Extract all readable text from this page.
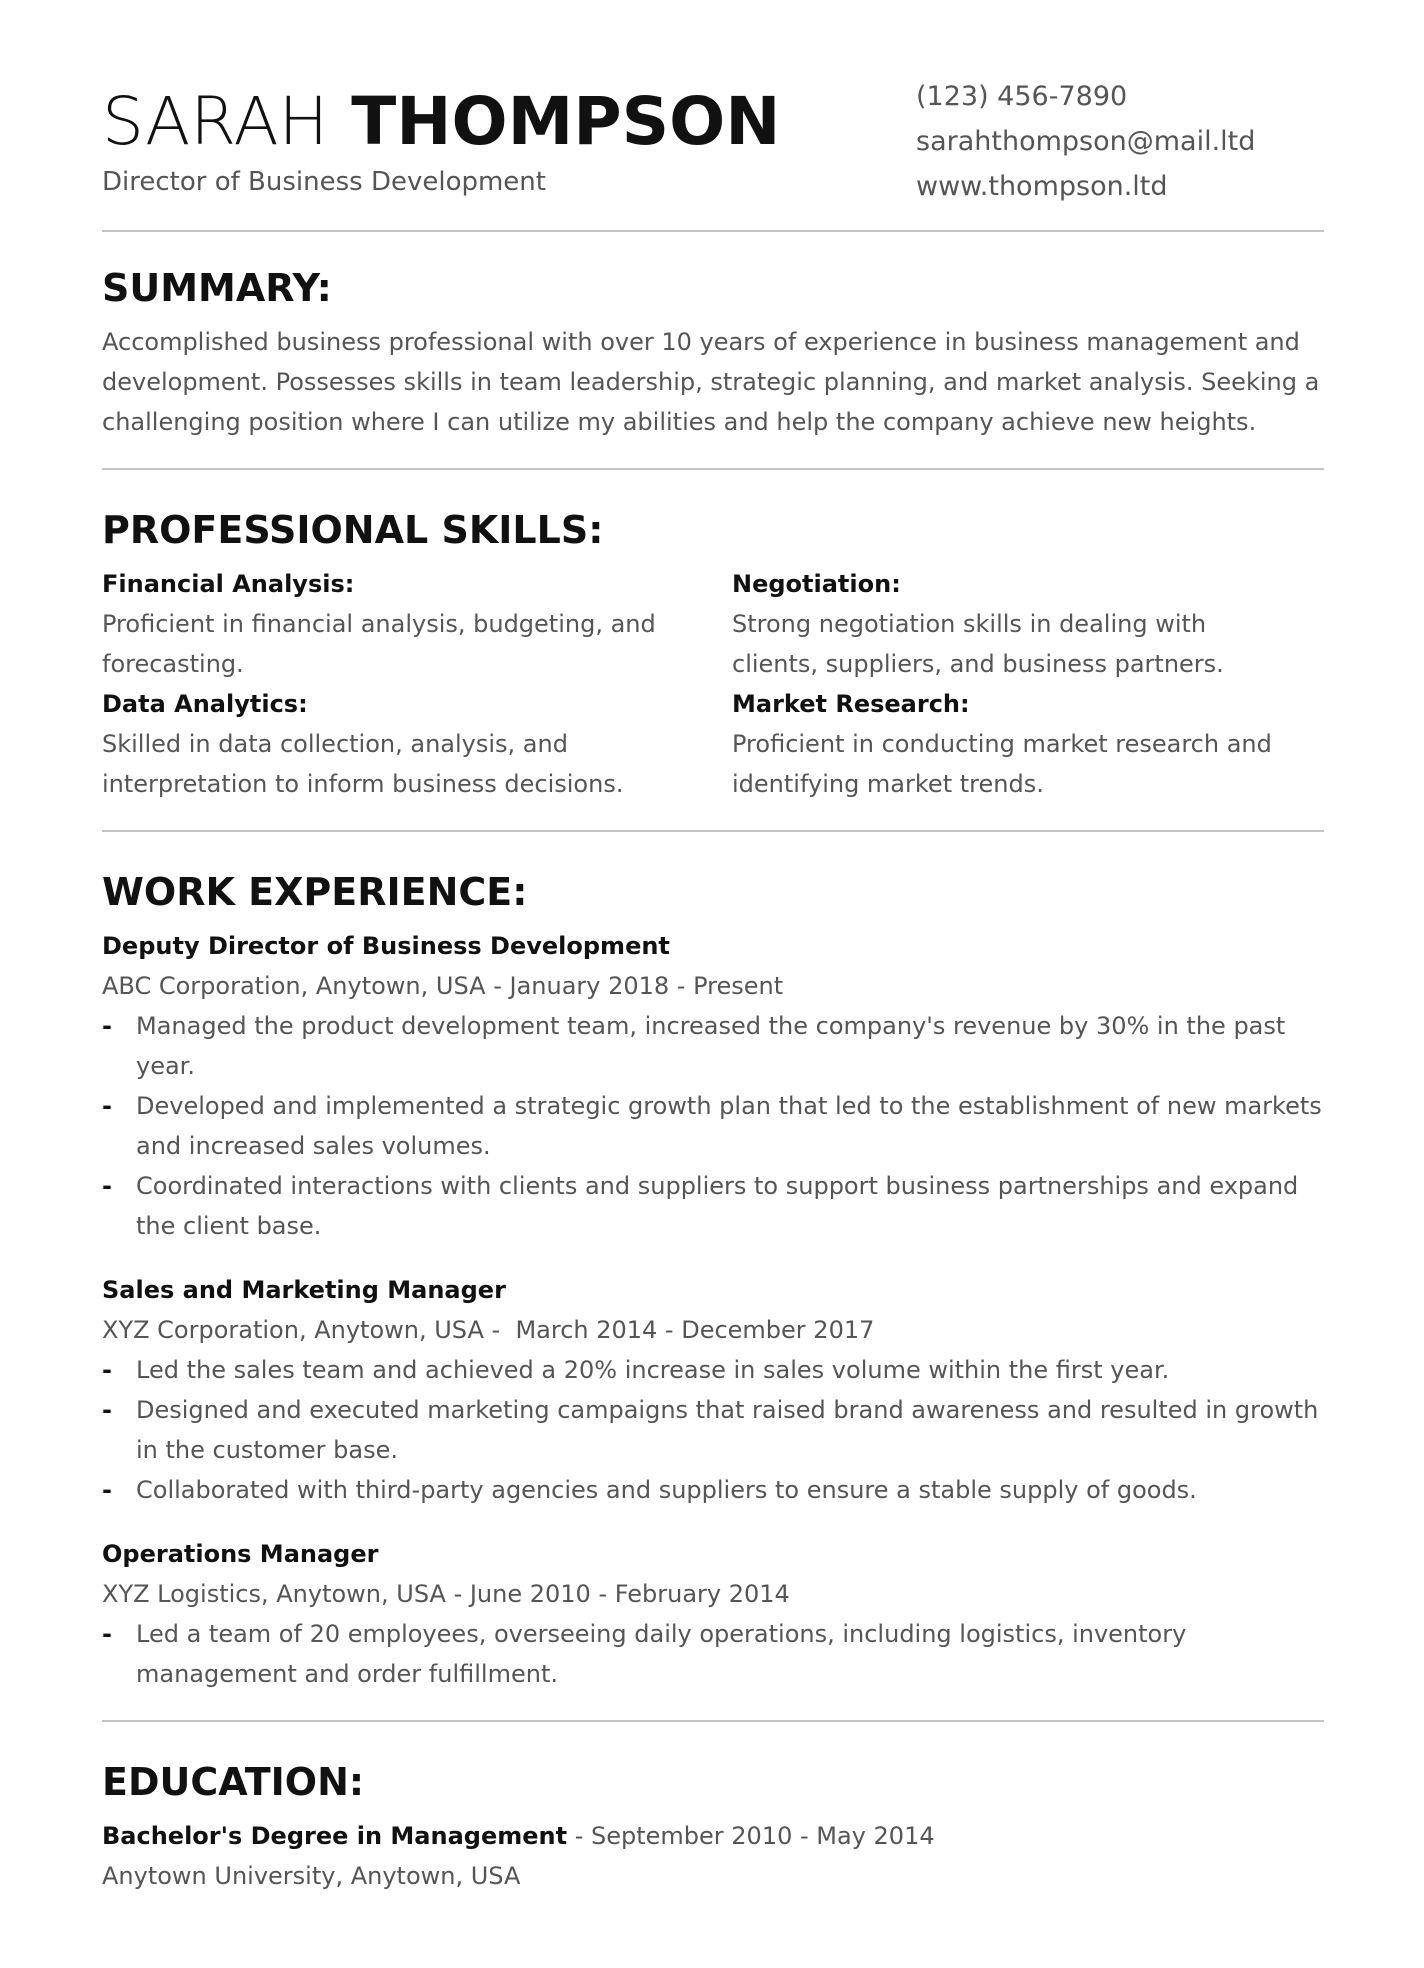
SARAH THOMPSON
Director of Business Development
(123) 456-7890
sarahthompson@mail.ltd
www.thompson.ltd
SUMMARY:
Accomplished business professional with over 10 years of experience in business management and development. Possesses skills in team leadership, strategic planning, and market analysis. Seeking a challenging position where I can utilize my abilities and help the company achieve new heights.
PROFESSIONAL SKILLS:
Financial Analysis:
Proficient in financial analysis, budgeting, and forecasting.
Negotiation:
Strong negotiation skills in dealing with clients, suppliers, and business partners.
Data Analytics:
Skilled in data collection, analysis, and interpretation to inform business decisions.
Market Research:
Proficient in conducting market research and identifying market trends.
WORK EXPERIENCE:
Deputy Director of Business Development
ABC Corporation, Anytown, USA - January 2018 - Present
- Managed the product development team, increased the company's revenue by 30% in the past year.
- Developed and implemented a strategic growth plan that led to the establishment of new markets and increased sales volumes.
- Coordinated interactions with clients and suppliers to support business partnerships and expand the client base.
Sales and Marketing Manager
XYZ Corporation, Anytown, USA -  March 2014 - December 2017
- Led the sales team and achieved a 20% increase in sales volume within the first year.
- Designed and executed marketing campaigns that raised brand awareness and resulted in growth in the customer base.
- Collaborated with third-party agencies and suppliers to ensure a stable supply of goods.
Operations Manager
XYZ Logistics, Anytown, USA - June 2010 - February 2014
- Led a team of 20 employees, overseeing daily operations, including logistics, inventory management and order fulfillment.
EDUCATION:
Bachelor's Degree in Management - September 2010 - May 2014
Anytown University, Anytown, USA
